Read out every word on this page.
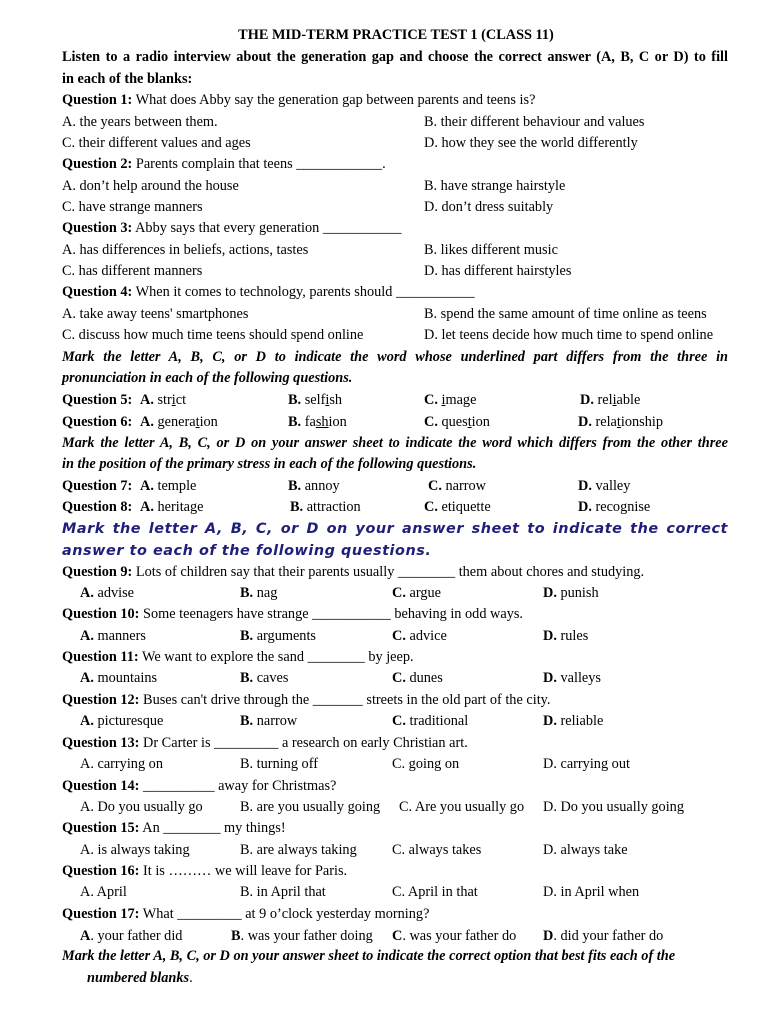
THE MID-TERM PRACTICE TEST 1 (CLASS 11)
Listen to a radio interview about the generation gap and choose the correct answer (A, B, C or D) to fill
in each of the blanks:
Question 1: What does Abby say the generation gap between parents and teens is?
A. the years between them.	B. their different behaviour and values
C. their different values and ages	D. how they see the world differently
Question 2: Parents complain that teens ____________.
A. don’t help around the house	B. have strange hairstyle
C. have strange manners	D. don’t dress suitably
Question 3: Abby says that every generation ___________
A. has differences in beliefs, actions, tastes	B. likes different music
C. has different manners	D. has different hairstyles
Question 4: When it comes to technology, parents should ___________
A. take away teens' smartphones	B. spend the same amount of time online as teens
C. discuss how much time teens should spend online	D. let teens decide how much time to spend online
Mark the letter A, B, C, or D to indicate the word whose underlined part differs from the three in
pronunciation in each of the following questions.
Question 5: A. strict	B. selfish	C. image	D. reliable
Question 6: A. generation	B. fashion	C. question	D. relationship
Mark the letter A, B, C, or D on your answer sheet to indicate the word which differs from the other three
in the position of the primary stress in each of the following questions.
Question 7: A. temple	B. annoy	C. narrow	D. valley
Question 8: A. heritage	B. attraction	C. etiquette	D. recognise
Mark the letter A, B, C, or D on your answer sheet to indicate the correct
answer to each of the following questions.
Question 9: Lots of children say that their parents usually ________ them about chores and studying.
A. advise	B. nag	C. argue	D. punish
Question 10: Some teenagers have strange ___________ behaving in odd ways.
A. manners	B. arguments	C. advice	D. rules
Question 11: We want to explore the sand ________ by jeep.
A. mountains	B. caves	C. dunes	D. valleys
Question 12: Buses can't drive through the _______ streets in the old part of the city.
A. picturesque	B. narrow	C. traditional	D. reliable
Question 13: Dr Carter is _________ a research on early Christian art.
A. carrying on	B. turning off	C. going on	D. carrying out
Question 14: __________ away for Christmas?
A. Do you usually go	B. are you usually going C. Are you usually go D. Do you usually going
Question 15: An ________ my things!
A. is always taking	B. are always taking C. always takes	D. always take
Question 16: It is ……… we will leave for Paris.
A. April	B. in April that	C. April in that	D. in April when
Question 17: What _________ at 9 o’clock yesterday morning?
A. your father did	B. was your father doing C. was your father do D. did your father do
Mark the letter A, B, C, or D on your answer sheet to indicate the correct option that best fits each of the
numbered blanks.
